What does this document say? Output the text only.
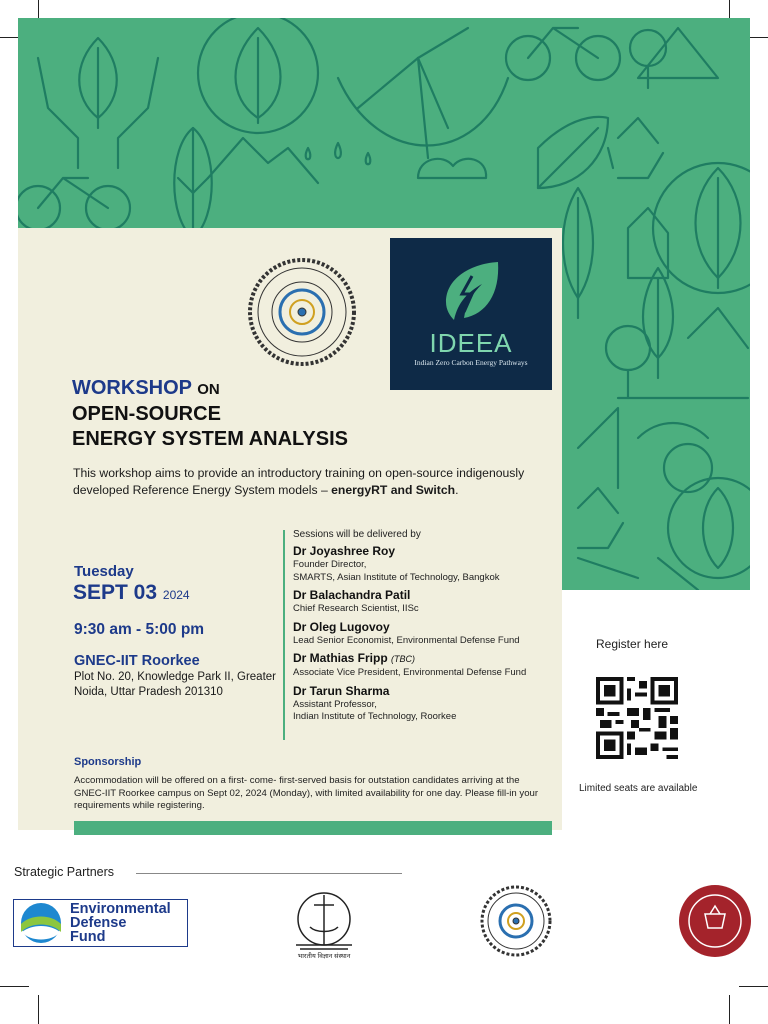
IDEEA
Indian Zero Carbon Energy Pathways
WORKSHOP ON
OPEN-SOURCE
ENERGY SYSTEM ANALYSIS
This workshop aims to provide an introductory training on open-source indigenously developed Reference Energy System models – energyRT and Switch.
Tuesday
SEPT 03 2024
9:30 am - 5:00 pm
GNEC-IIT Roorkee
Plot No. 20, Knowledge Park II, Greater Noida, Uttar Pradesh 201310
Sessions will be delivered by
Dr Joyashree Roy
Founder Director,
SMARTS, Asian Institute of Technology, Bangkok
Dr Balachandra Patil
Chief Research Scientist, IISc
Dr Oleg Lugovoy
Lead Senior Economist, Environmental Defense Fund
Dr Mathias Fripp (TBC)
Associate Vice President, Environmental Defense Fund
Dr Tarun Sharma
Assistant Professor,
Indian Institute of Technology, Roorkee
Sponsorship
Accommodation will be offered on a first- come- first-served basis for outstation candidates arriving at the GNEC-IIT Roorkee campus on Sept 02, 2024 (Monday), with limited availability for one day. Please fill-in your requirements while registering.
Register here
Limited seats are available
Strategic Partners
Environmental
Defense
Fund
भारतीय विज्ञान संस्थान
